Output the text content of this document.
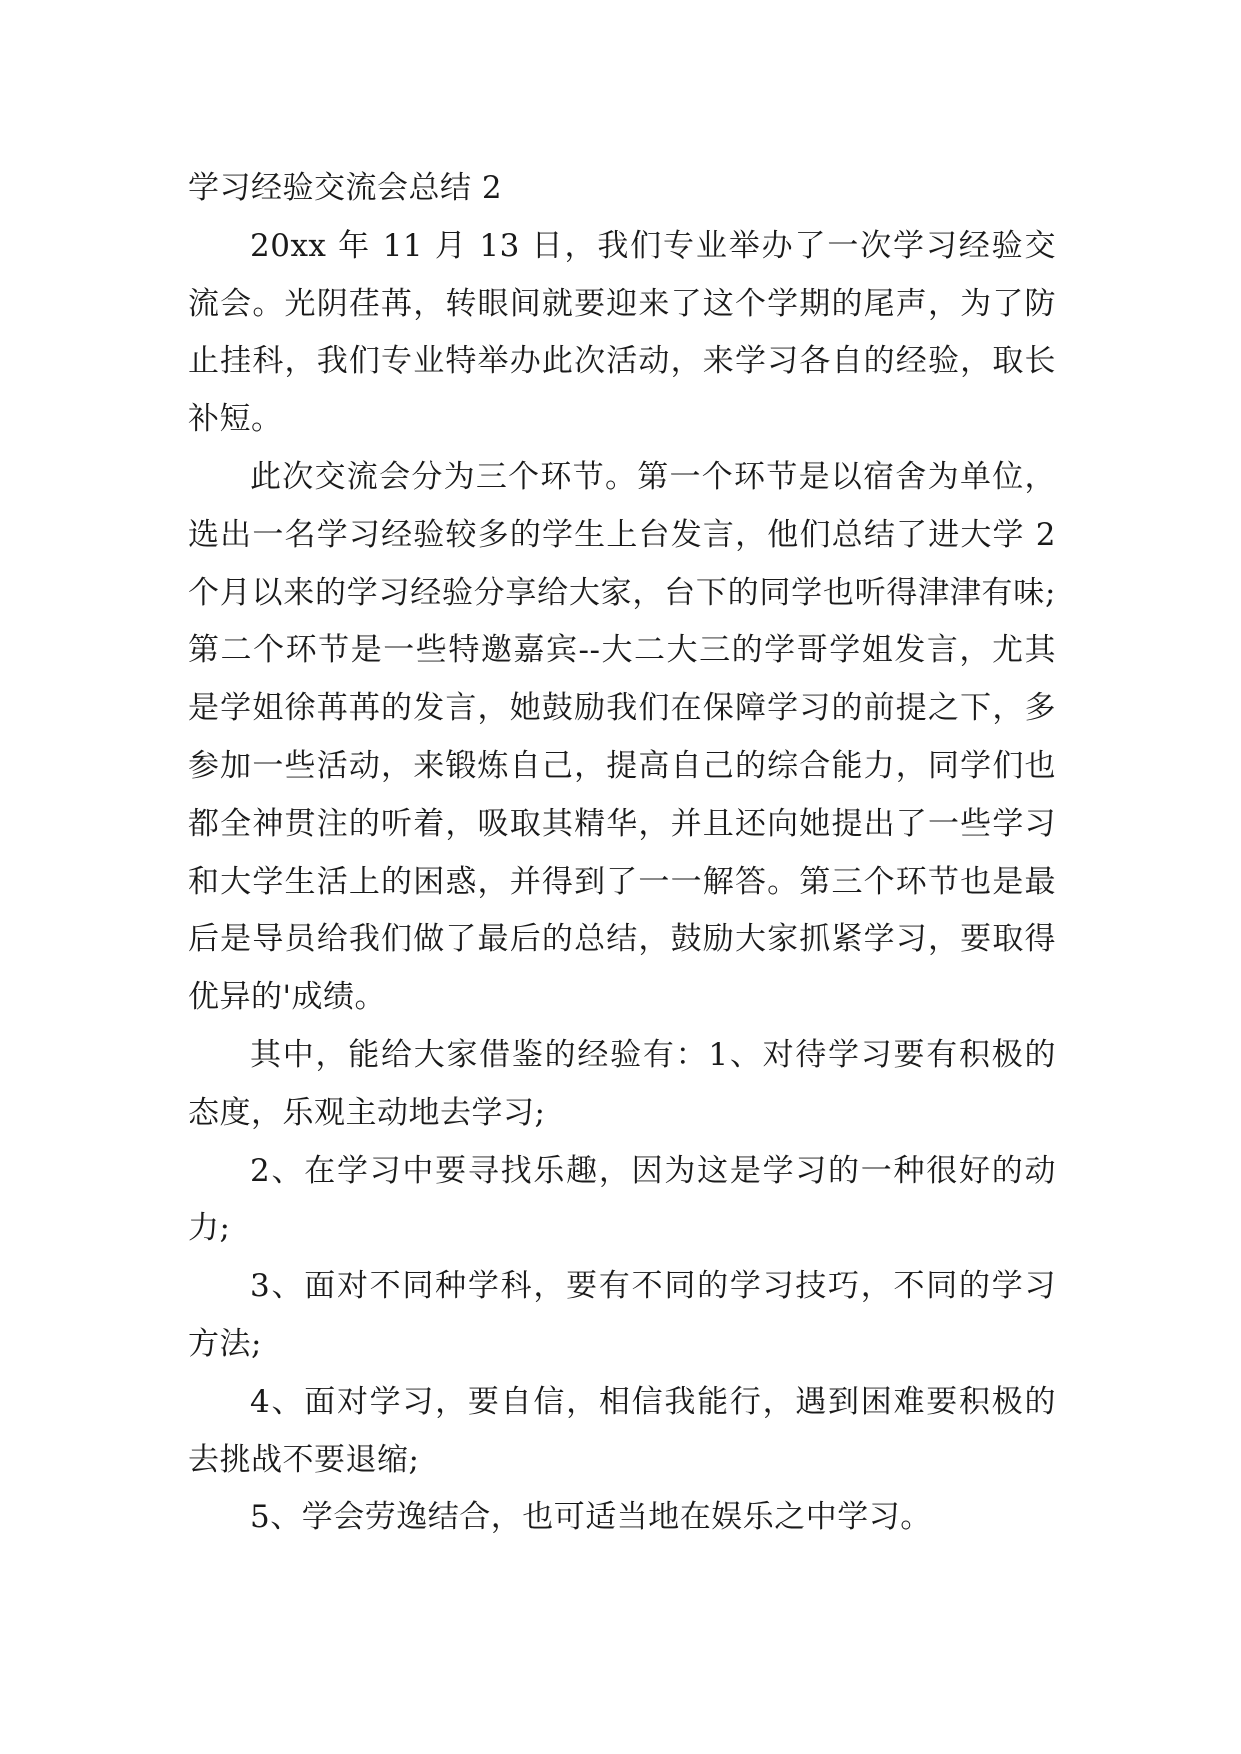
学习经验交流会总结 2

20xx 年 11 月 13 日，我们专业举办了一次学习经验交流会。光阴荏苒，转眼间就要迎来了这个学期的尾声，为了防止挂科，我们专业特举办此次活动，来学习各自的经验，取长补短。

此次交流会分为三个环节。第一个环节是以宿舍为单位，选出一名学习经验较多的学生上台发言，他们总结了进大学 2 个月以来的学习经验分享给大家，台下的同学也听得津津有味;第二个环节是一些特邀嘉宾--大二大三的学哥学姐发言，尤其是学姐徐苒苒的发言，她鼓励我们在保障学习的前提之下，多参加一些活动，来锻炼自己，提高自己的综合能力，同学们也都全神贯注的听着，吸取其精华，并且还向她提出了一些学习和大学生活上的困惑，并得到了一一解答。第三个环节也是最后是导员给我们做了最后的总结，鼓励大家抓紧学习，要取得优异的'成绩。

其中，能给大家借鉴的经验有：1、对待学习要有积极的态度，乐观主动地去学习;

2、在学习中要寻找乐趣，因为这是学习的一种很好的动力;

3、面对不同种学科，要有不同的学习技巧，不同的学习方法;

4、面对学习，要自信，相信我能行，遇到困难要积极的去挑战不要退缩;

5、学会劳逸结合，也可适当地在娱乐之中学习。
